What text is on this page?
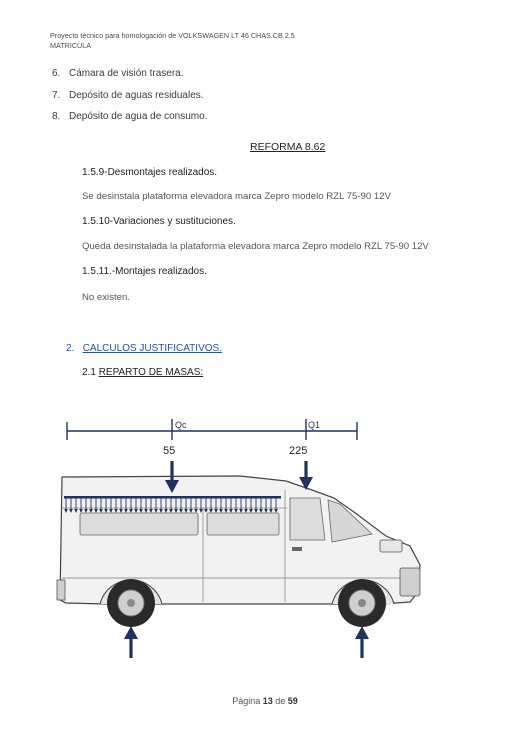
Proyecto técnico para homologación de VOLKSWAGEN LT 46 CHAS.CB 2.5
MATRICULA
6. Cámara de visión trasera.
7. Depósito de aguas residuales.
8. Depósito de agua de consumo.
REFORMA 8.62
1.5.9-Desmontajes realizados.
Se desinstala plataforma elevadora marca Zepro modelo RZL 75-90 12V
1.5.10-Variaciones y sustituciones.
Queda desinstalada la plataforma elevadora marca Zepro modelo RZL 75-90 12V
1.5.11.-Montajes realizados.
No existen.
2. CALCULOS JUSTIFICATIVOS.
2.1 REPARTO DE MASAS:
Qc	Q1
55	225
Página 13 de 59
